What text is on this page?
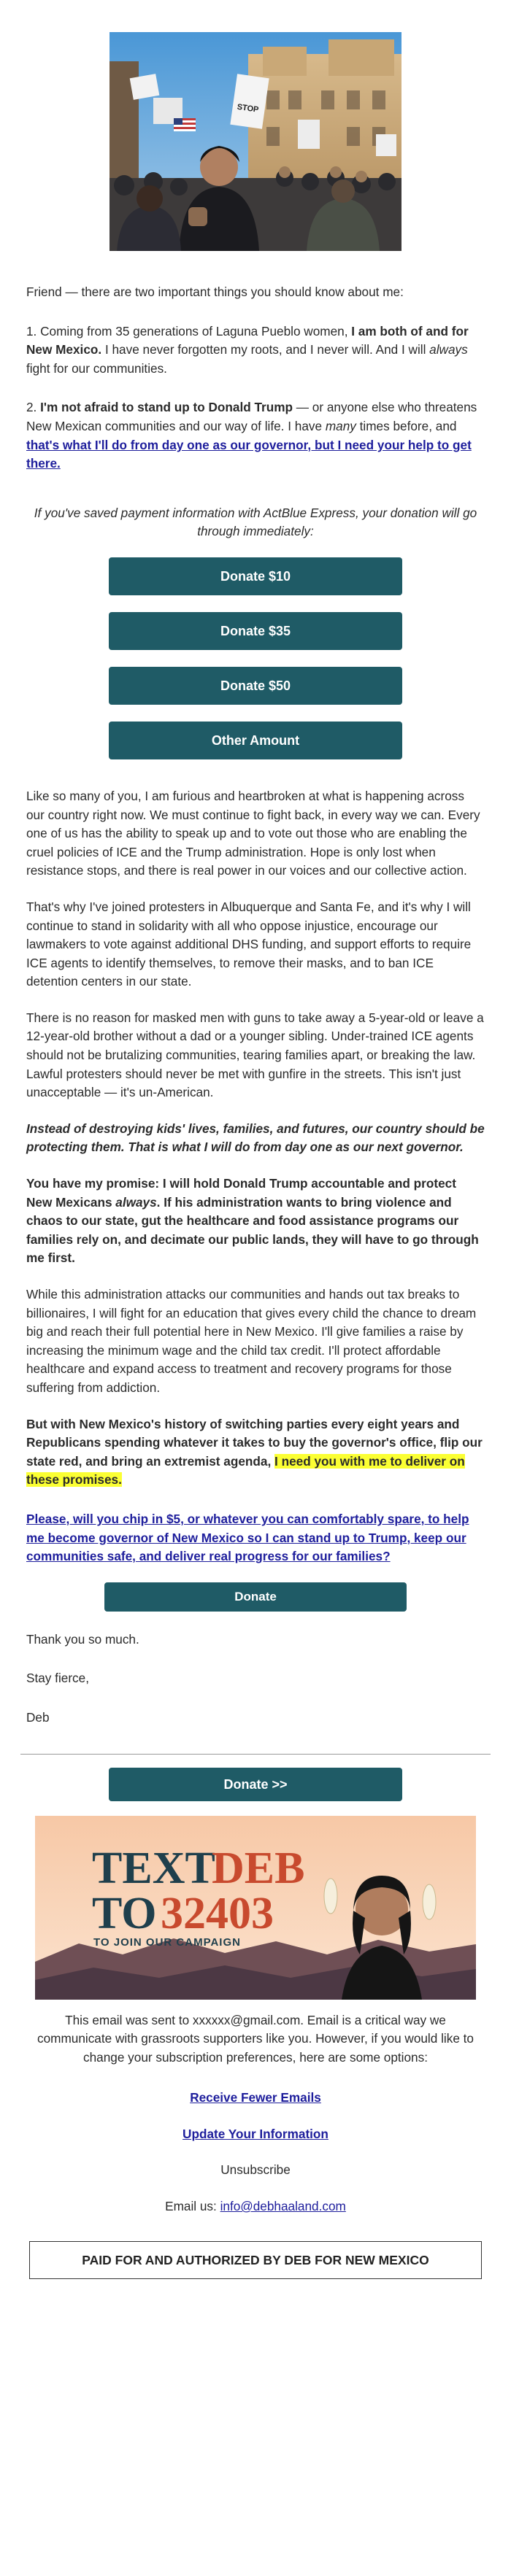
STOP

Friend — there are two important things you should know about me:

1. Coming from 35 generations of Laguna Pueblo women, I am both of and for New Mexico. I have never forgotten my roots, and I never will. And I will always fight for our communities.

2. I'm not afraid to stand up to Donald Trump — or anyone else who threatens New Mexican communities and our way of life. I have many times before, and that's what I'll do from day one as our governor, but I need your help to get there.

If you've saved payment information with ActBlue Express, your donation will go through immediately:

Donate $10
Donate $35
Donate $50
Other Amount

Like so many of you, I am furious and heartbroken at what is happening across our country right now. We must continue to fight back, in every way we can. Every one of us has the ability to speak up and to vote out those who are enabling the cruel policies of ICE and the Trump administration. Hope is only lost when resistance stops, and there is real power in our voices and our collective action.

That's why I've joined protesters in Albuquerque and Santa Fe, and it's why I will continue to stand in solidarity with all who oppose injustice, encourage our lawmakers to vote against additional DHS funding, and support efforts to require ICE agents to identify themselves, to remove their masks, and to ban ICE detention centers in our state.

There is no reason for masked men with guns to take away a 5-year-old or leave a 12-year-old brother without a dad or a younger sibling. Under-trained ICE agents should not be brutalizing communities, tearing families apart, or breaking the law. Lawful protesters should never be met with gunfire in the streets. This isn't just unacceptable — it's un-American.

Instead of destroying kids' lives, families, and futures, our country should be protecting them. That is what I will do from day one as our next governor.

You have my promise: I will hold Donald Trump accountable and protect New Mexicans always. If his administration wants to bring violence and chaos to our state, gut the healthcare and food assistance programs our families rely on, and decimate our public lands, they will have to go through me first.

While this administration attacks our communities and hands out tax breaks to billionaires, I will fight for an education that gives every child the chance to dream big and reach their full potential here in New Mexico. I'll give families a raise by increasing the minimum wage and the child tax credit. I'll protect affordable healthcare and expand access to treatment and recovery programs for those suffering from addiction.

But with New Mexico's history of switching parties every eight years and Republicans spending whatever it takes to buy the governor's office, flip our state red, and bring an extremist agenda, I need you with me to deliver on these promises.

Please, will you chip in $5, or whatever you can comfortably spare, to help me become governor of New Mexico so I can stand up to Trump, keep our communities safe, and deliver real progress for our families?

Donate

Thank you so much.

Stay fierce,

Deb

Donate >>
TEXT
DEB
TO 32403
TO JOIN OUR CAMPAIGN

This email was sent to xxxxxx@gmail.com. Email is a critical way we communicate with grassroots supporters like you. However, if you would like to change your subscription preferences, here are some options:

Receive Fewer Emails

Update Your Information

Unsubscribe

Email us: info@debhaaland.com

PAID FOR AND AUTHORIZED BY DEB FOR NEW MEXICO
